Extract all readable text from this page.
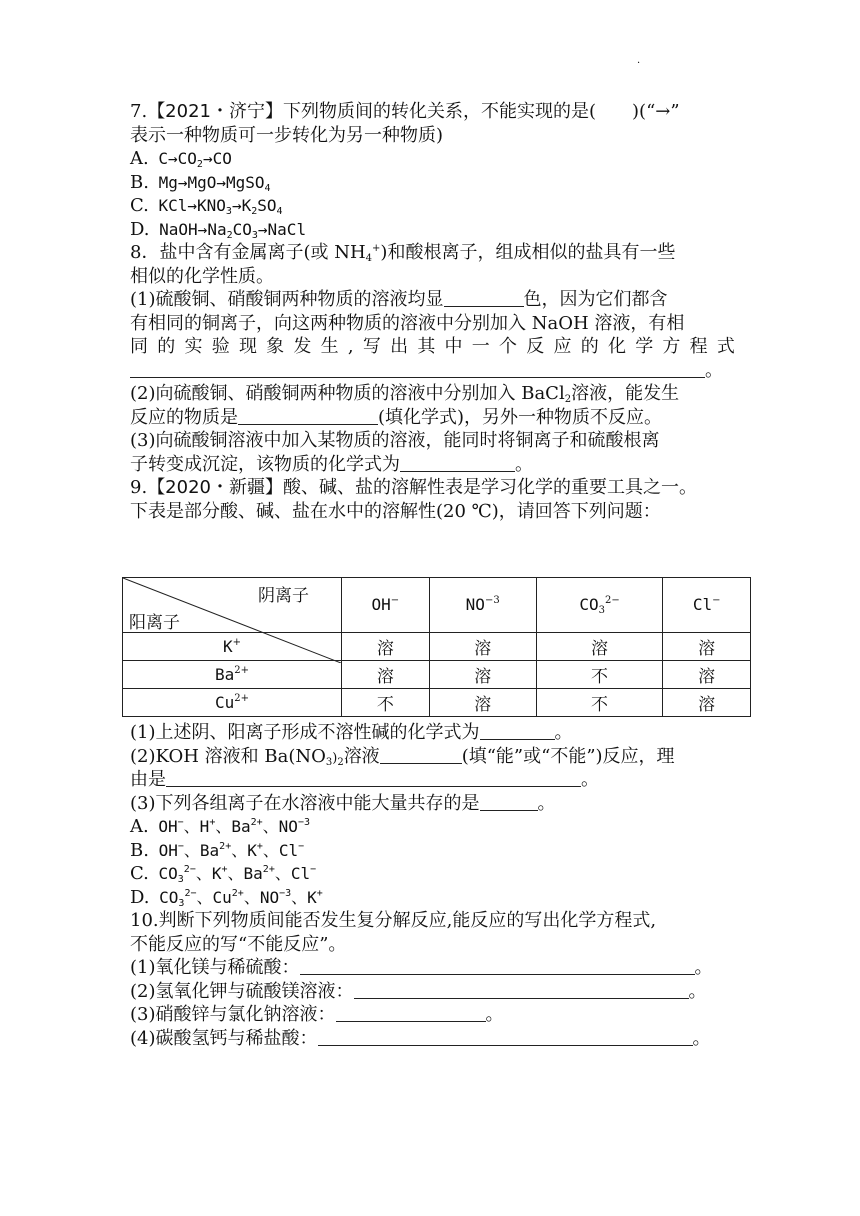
·
7.【2021・济宁】下列物质间的转化关系，不能实现的是(　　)(“→”
表示一种物质可一步转化为另一种物质)
A. $C\to CO_2\to CO$
B. Mg→MgO→MgSO$_4$
C. $KCl\to KNO_3\to K_2SO_4$
D. $NaOH\to Na_2CO_3\to NaCl$
8．盐中含有金属离子(或 $NH_4^+$)和酸根离子，组成相似的盐具有一些
相似的化学性质。
(1)硫酸铜、硝酸铜两种物质的溶液均显	色，因为它们都含
有相同的铜离子，向这两种物质的溶液中分别加入 NaOH 溶液，有相
同 的 实 验 现 象 发 生 , 写 出 其 中 一 个 反 应 的 化 学 方 程 式
。
(2)向硫酸铜、硝酸铜两种物质的溶液中分别加入 BaCl$_2$溶液，能发生
反应的物质是	(填化学式)，另外一种物质不反应。
(3)向硫酸铜溶液中加入某物质的溶液，能同时将铜离子和硫酸根离
子转变成沉淀，该物质的化学式为	。
9.【2020・新疆】酸、碱、盐的溶解性表是学习化学的重要工具之一。
下表是部分酸、碱、盐在水中的溶解性(20 ℃)，请回答下列问题：
阴离子
阳离子	OH−	$NO^{-3}$	$CO_3^{2-}$	Cl−
K+	溶	溶	溶	溶
$Ba^{2+}$	溶	溶	不	溶
$Cu^{2+}$	不	溶	不	溶
(1)上述阴、阳离子形成不溶性碱的化学式为	。
(2)KOH 溶液和 $Ba(NO_3)_2$溶液	(填“能”或“不能”)反应，理
由是	。
(3)下列各组离子在水溶液中能大量共存的是	。
A. OH−、H+、$Ba^{2+}$、$NO^{-3}$
B. OH−、$Ba^{2+}$、K+、Cl−
C. $CO_3^{2-}$、K+、$Ba^{2+}$、Cl−
D. $CO_3^{2-}$、$Cu^{2+}$、$NO^{-3}$、K+
10.判断下列物质间能否发生复分解反应,能反应的写出化学方程式,
不能反应的写“不能反应”。
(1)氧化镁与稀硫酸：	。
(2)氢氧化钾与硫酸镁溶液：	。
(3)硝酸锌与氯化钠溶液：	。
(4)碳酸氢钙与稀盐酸：	。
